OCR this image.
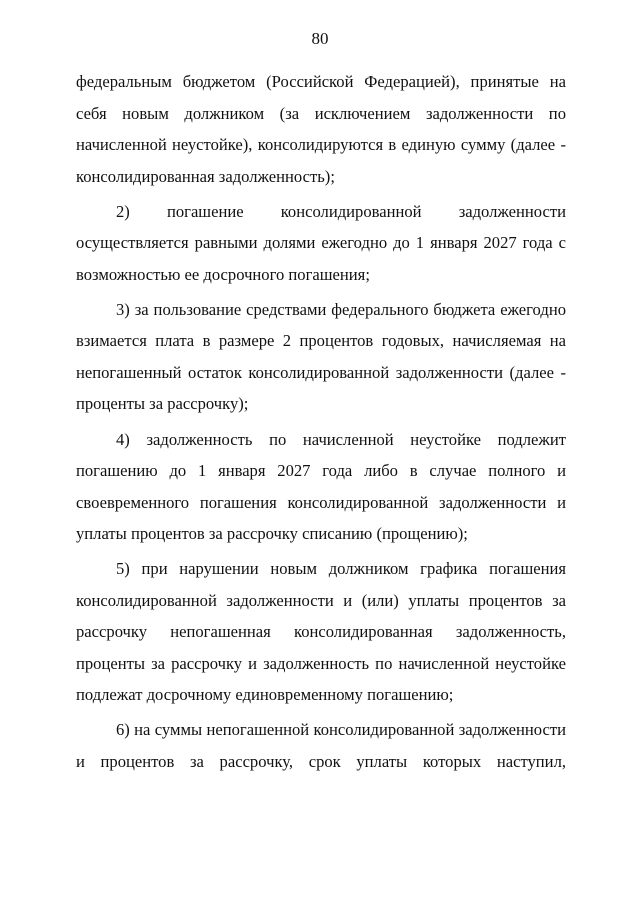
80

федеральным бюджетом (Российской Федерацией), принятые на себя новым должником (за исключением задолженности по начисленной неустойке), консолидируются в единую сумму (далее - консолидированная задолженность);

2) погашение консолидированной задолженности осуществляется равными долями ежегодно до 1 января 2027 года с возможностью ее досрочного погашения;

3) за пользование средствами федерального бюджета ежегодно взимается плата в размере 2 процентов годовых, начисляемая на непогашенный остаток консолидированной задолженности (далее - проценты за рассрочку);

4) задолженность по начисленной неустойке подлежит погашению до 1 января 2027 года либо в случае полного и своевременного погашения консолидированной задолженности и уплаты процентов за рассрочку списанию (прощению);

5) при нарушении новым должником графика погашения консолидированной задолженности и (или) уплаты процентов за рассрочку непогашенная консолидированная задолженность, проценты за рассрочку и задолженность по начисленной неустойке подлежат досрочному единовременному погашению;

6) на суммы непогашенной консолидированной задолженности и процентов за рассрочку, срок уплаты которых наступил,
